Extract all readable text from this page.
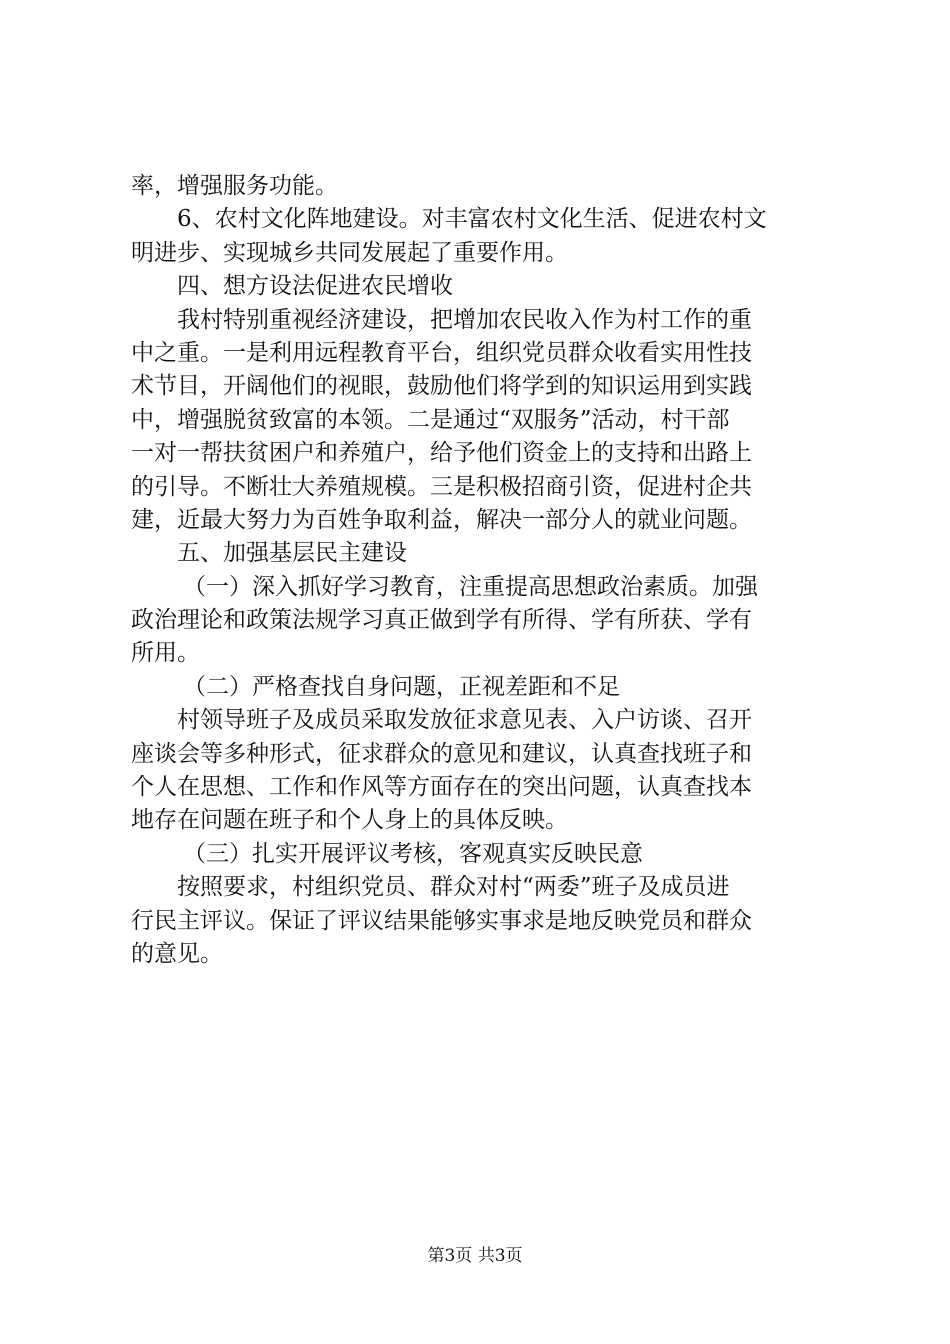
率，增强服务功能。
6、农村文化阵地建设。对丰富农村文化生活、促进农村文
明进步、实现城乡共同发展起了重要作用。
四、想方设法促进农民增收
我村特别重视经济建设，把增加农民收入作为村工作的重
中之重。一是利用远程教育平台，组织党员群众收看实用性技
术节目，开阔他们的视眼，鼓励他们将学到的知识运用到实践
中，增强脱贫致富的本领。二是通过“双服务”活动，村干部
一对一帮扶贫困户和养殖户，给予他们资金上的支持和出路上
的引导。不断壮大养殖规模。三是积极招商引资，促进村企共
建，近最大努力为百姓争取利益，解决一部分人的就业问题。
五、加强基层民主建设
（一）深入抓好学习教育，注重提高思想政治素质。加强
政治理论和政策法规学习真正做到学有所得、学有所获、学有
所用。
（二）严格查找自身问题，正视差距和不足
村领导班子及成员采取发放征求意见表、入户访谈、召开
座谈会等多种形式，征求群众的意见和建议，认真查找班子和
个人在思想、工作和作风等方面存在的突出问题，认真查找本
地存在问题在班子和个人身上的具体反映。
（三）扎实开展评议考核，客观真实反映民意
按照要求，村组织党员、群众对村“两委”班子及成员进
行民主评议。保证了评议结果能够实事求是地反映党员和群众
的意见。
第3页 共3页
